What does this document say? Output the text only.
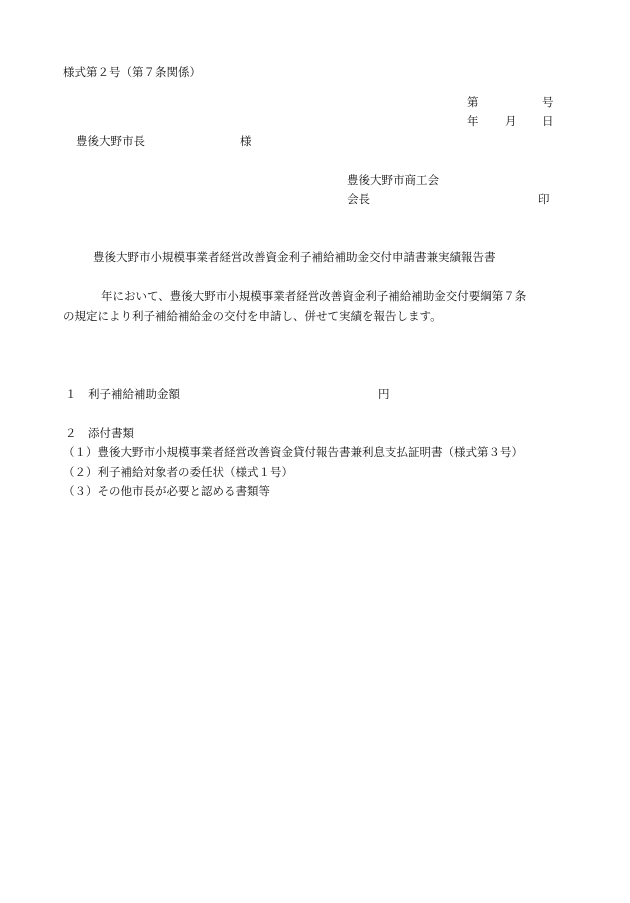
様式第２号（第７条関係）
第	号
年 月 日
豊後大野市長	様
豊後大野市商工会
会長	印
豊後大野市小規模事業者経営改善資金利子補給補助金交付申請書兼実績報告書
年において、豊後大野市小規模事業者経営改善資金利子補給補助金交付要綱第７条
の規定により利子補給補給金の交付を申請し、併せて実績を報告します。
１ 利子補給補助金額	円
２ 添付書類
（１）豊後大野市小規模事業者経営改善資金貸付報告書兼利息支払証明書（様式第３号）
（２）利子補給対象者の委任状（様式１号）
（３）その他市長が必要と認める書類等
